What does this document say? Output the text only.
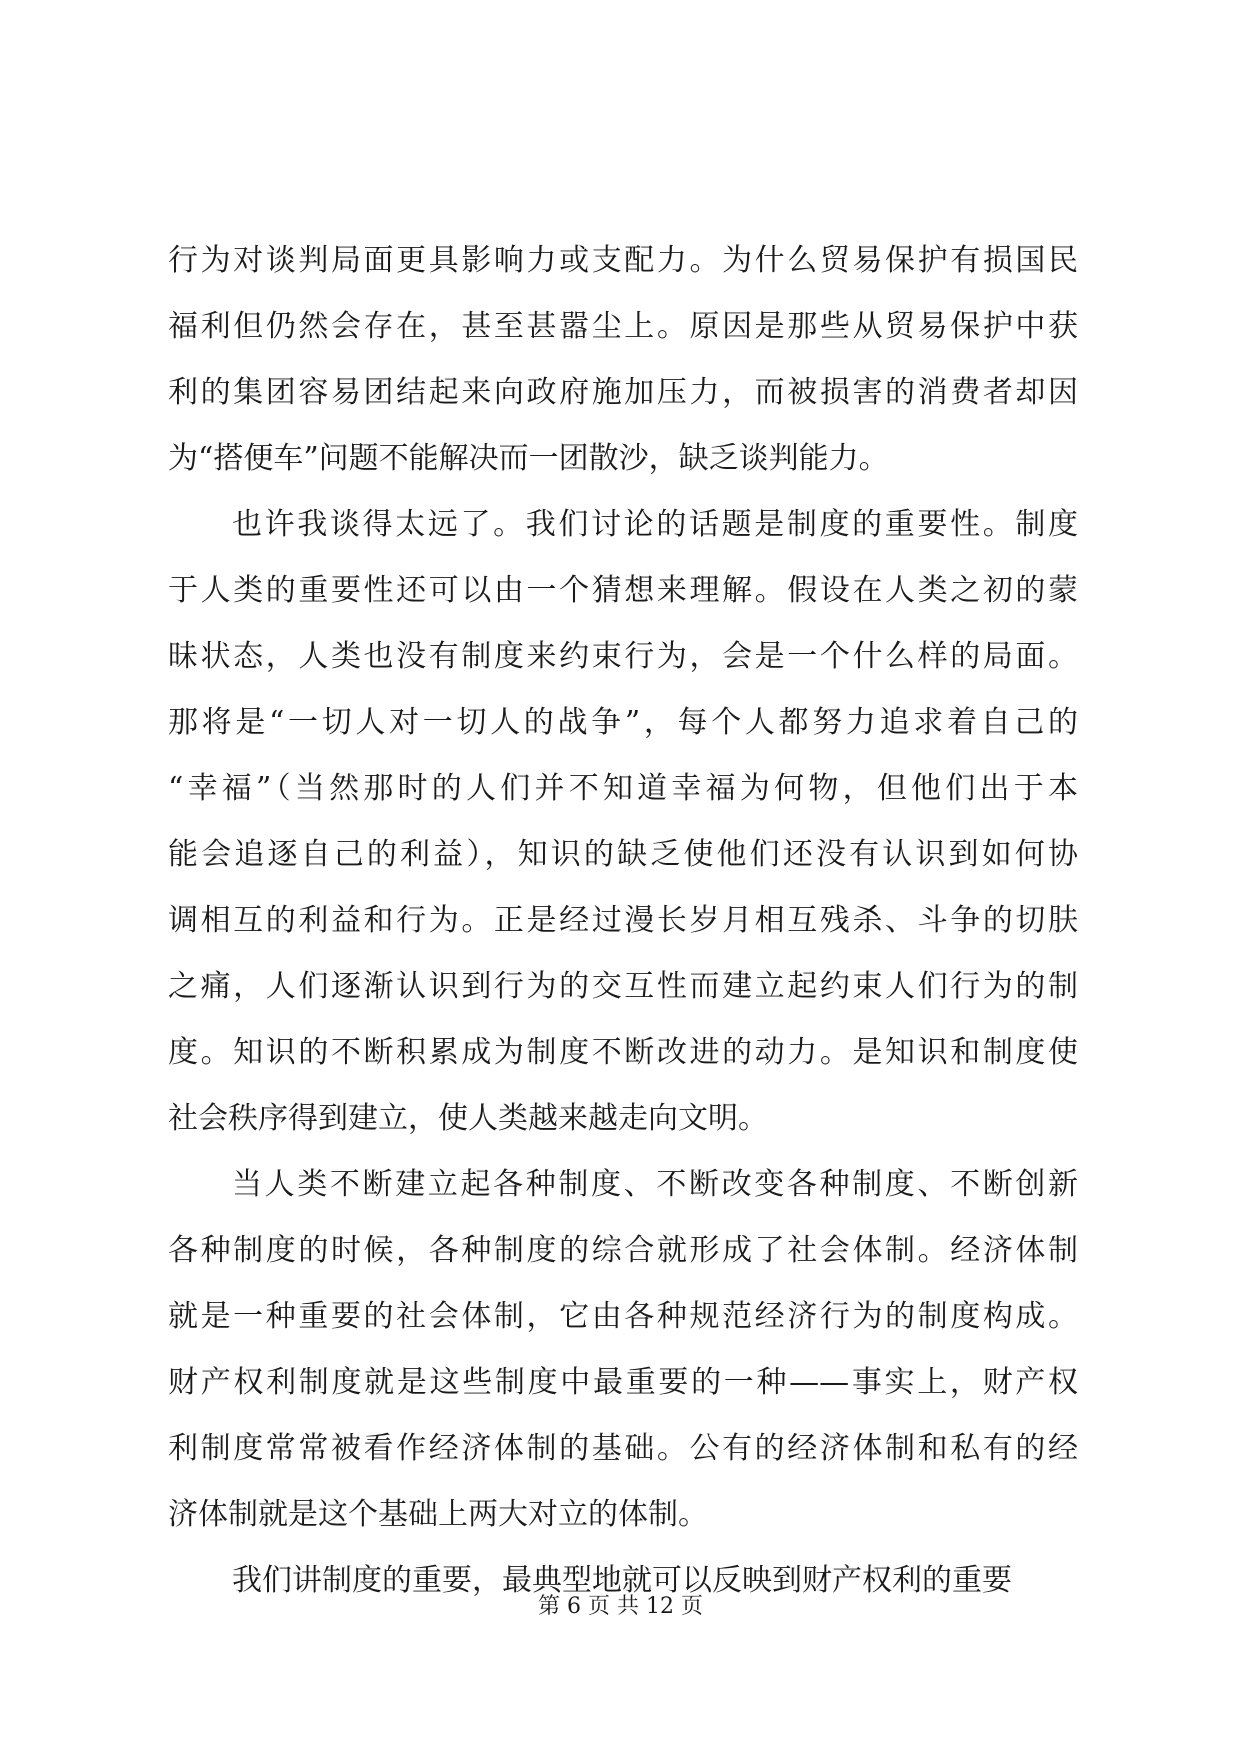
行为对谈判局面更具影响力或支配力。为什么贸易保护有损国民
福利但仍然会存在，甚至甚嚣尘上。原因是那些从贸易保护中获
利的集团容易团结起来向政府施加压力，而被损害的消费者却因
为“搭便车”问题不能解决而一团散沙，缺乏谈判能力。
也许我谈得太远了。我们讨论的话题是制度的重要性。制度
于人类的重要性还可以由一个猜想来理解。假设在人类之初的蒙
昧状态，人类也没有制度来约束行为，会是一个什么样的局面。
那将是“一切人对一切人的战争”，每个人都努力追求着自己的
“幸福”（当然那时的人们并不知道幸福为何物，但他们出于本
能会追逐自己的利益），知识的缺乏使他们还没有认识到如何协
调相互的利益和行为。正是经过漫长岁月相互残杀、斗争的切肤
之痛，人们逐渐认识到行为的交互性而建立起约束人们行为的制
度。知识的不断积累成为制度不断改进的动力。是知识和制度使
社会秩序得到建立，使人类越来越走向文明。
当人类不断建立起各种制度、不断改变各种制度、不断创新
各种制度的时候，各种制度的综合就形成了社会体制。经济体制
就是一种重要的社会体制，它由各种规范经济行为的制度构成。
财产权利制度就是这些制度中最重要的一种——事实上，财产权
利制度常常被看作经济体制的基础。公有的经济体制和私有的经
济体制就是这个基础上两大对立的体制。
我们讲制度的重要，最典型地就可以反映到财产权利的重要
第 6 页 共 12 页
